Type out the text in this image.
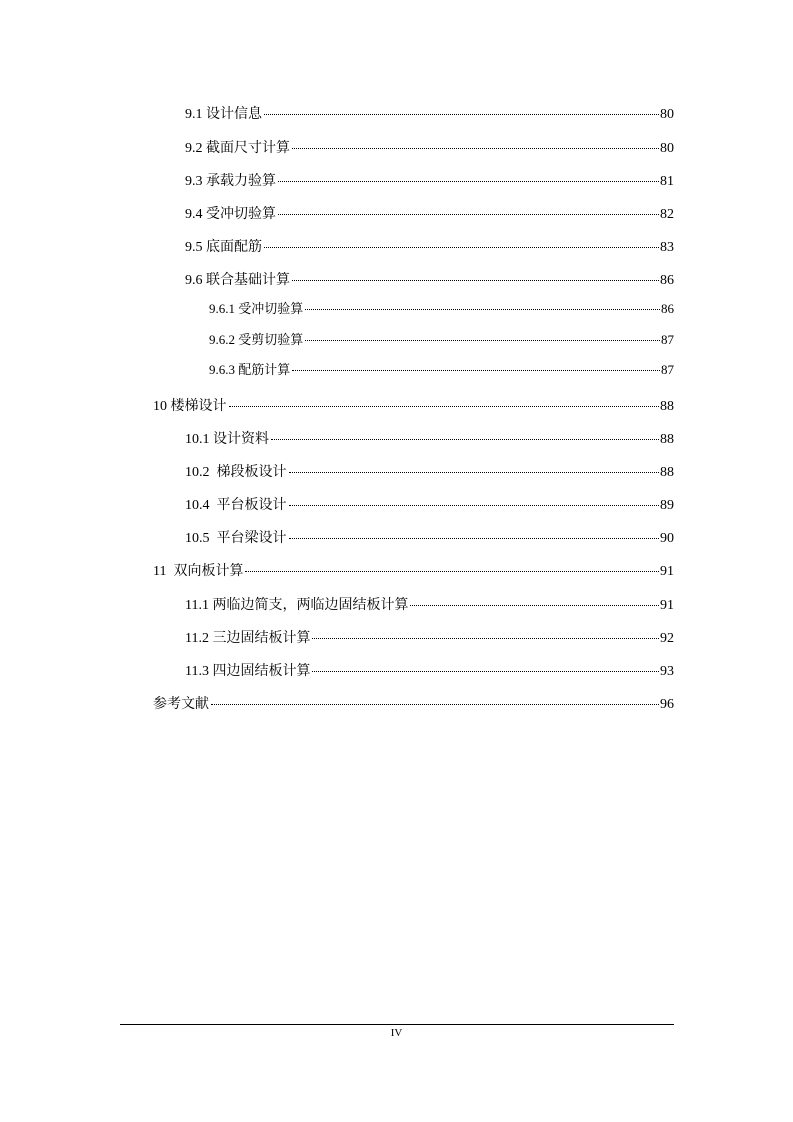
9.1 设计信息	80
9.2 截面尺寸计算	80
9.3 承载力验算	81
9.4 受冲切验算	82
9.5 底面配筋	83
9.6 联合基础计算	86
9.6.1 受冲切验算	86
9.6.2 受剪切验算	87
9.6.3 配筋计算	87
10 楼梯设计	88
10.1 设计资料	88
10.2  梯段板设计	88
10.4  平台板设计	89
10.5  平台梁设计	90
11  双向板计算	91
11.1 两临边简支，两临边固结板计算	91
11.2 三边固结板计算	92
11.3 四边固结板计算	93
参考文献	96
IV
